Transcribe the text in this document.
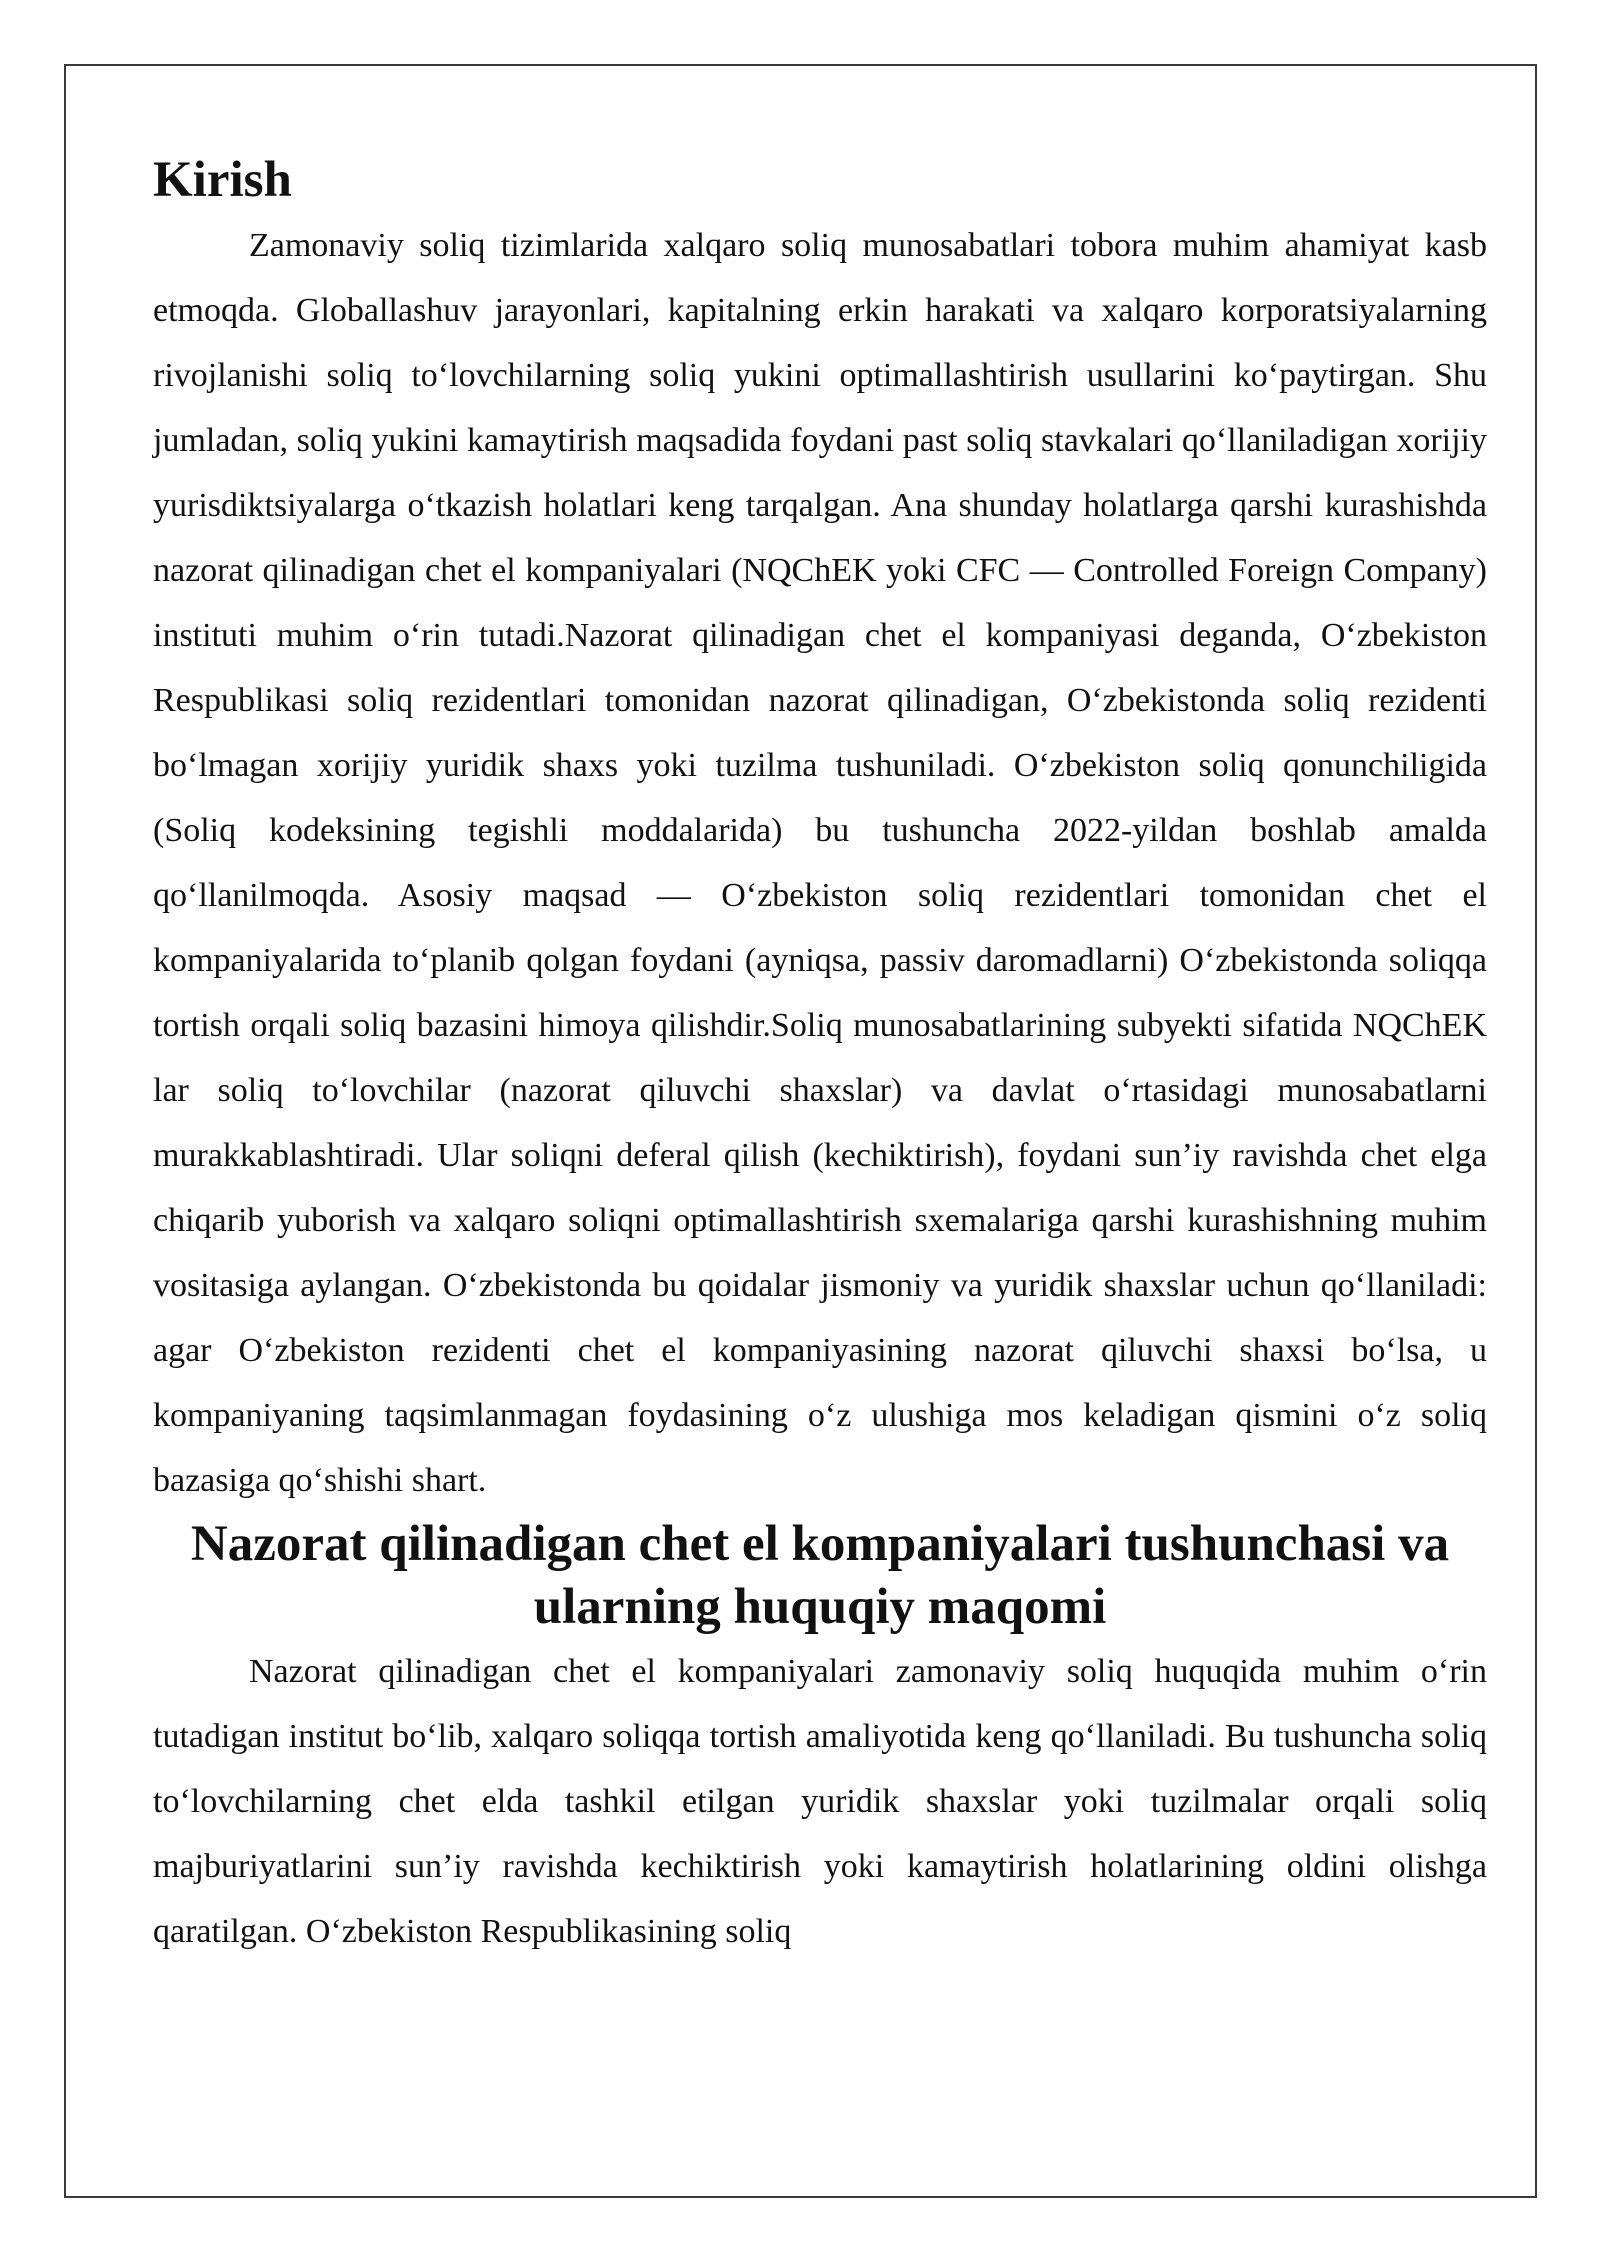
Kirish

Zamonaviy soliq tizimlarida xalqaro soliq munosabatlari tobora muhim ahamiyat kasb etmoqda. Globallashuv jarayonlari, kapitalning erkin harakati va xalqaro korporatsiyalarning rivojlanishi soliq to‘lovchilarning soliq yukini optimallashtirish usullarini ko‘paytirgan. Shu jumladan, soliq yukini kamaytirish maqsadida foydani past soliq stavkalari qo‘llaniladigan xorijiy yurisdiktsiyalarga o‘tkazish holatlari keng tarqalgan. Ana shunday holatlarga qarshi kurashishda nazorat qilinadigan chet el kompaniyalari (NQChEK yoki CFC — Controlled Foreign Company) instituti muhim o‘rin tutadi.Nazorat qilinadigan chet el kompaniyasi deganda, O‘zbekiston Respublikasi soliq rezidentlari tomonidan nazorat qilinadigan, O‘zbekistonda soliq rezidenti bo‘lmagan xorijiy yuridik shaxs yoki tuzilma tushuniladi. O‘zbekiston soliq qonunchiligida (Soliq kodeksining tegishli moddalarida) bu tushuncha 2022-yildan boshlab amalda qo‘llanilmoqda. Asosiy maqsad — O‘zbekiston soliq rezidentlari tomonidan chet el kompaniyalarida to‘planib qolgan foydani (ayniqsa, passiv daromadlarni) O‘zbekistonda soliqqa tortish orqali soliq bazasini himoya qilishdir.Soliq munosabatlarining subyekti sifatida NQChEK lar soliq to‘lovchilar (nazorat qiluvchi shaxslar) va davlat o‘rtasidagi munosabatlarni murakkablashtiradi. Ular soliqni deferal qilish (kechiktirish), foydani sun’iy ravishda chet elga chiqarib yuborish va xalqaro soliqni optimallashtirish sxemalariga qarshi kurashishning muhim vositasiga aylangan. O‘zbekistonda bu qoidalar jismoniy va yuridik shaxslar uchun qo‘llaniladi: agar O‘zbekiston rezidenti chet el kompaniyasining nazorat qiluvchi shaxsi bo‘lsa, u kompaniyaning taqsimlanmagan foydasining o‘z ulushiga mos keladigan qismini o‘z soliq bazasiga qo‘shishi shart.

Nazorat qilinadigan chet el kompaniyalari tushunchasi va ularning huquqiy maqomi

Nazorat qilinadigan chet el kompaniyalari zamonaviy soliq huquqida muhim o‘rin tutadigan institut bo‘lib, xalqaro soliqqa tortish amaliyotida keng qo‘llaniladi. Bu tushuncha soliq to‘lovchilarning chet elda tashkil etilgan yuridik shaxslar yoki tuzilmalar orqali soliq majburiyatlarini sun’iy ravishda kechiktirish yoki kamaytirish holatlarining oldini olishga qaratilgan. O‘zbekiston Respublikasining soliq
